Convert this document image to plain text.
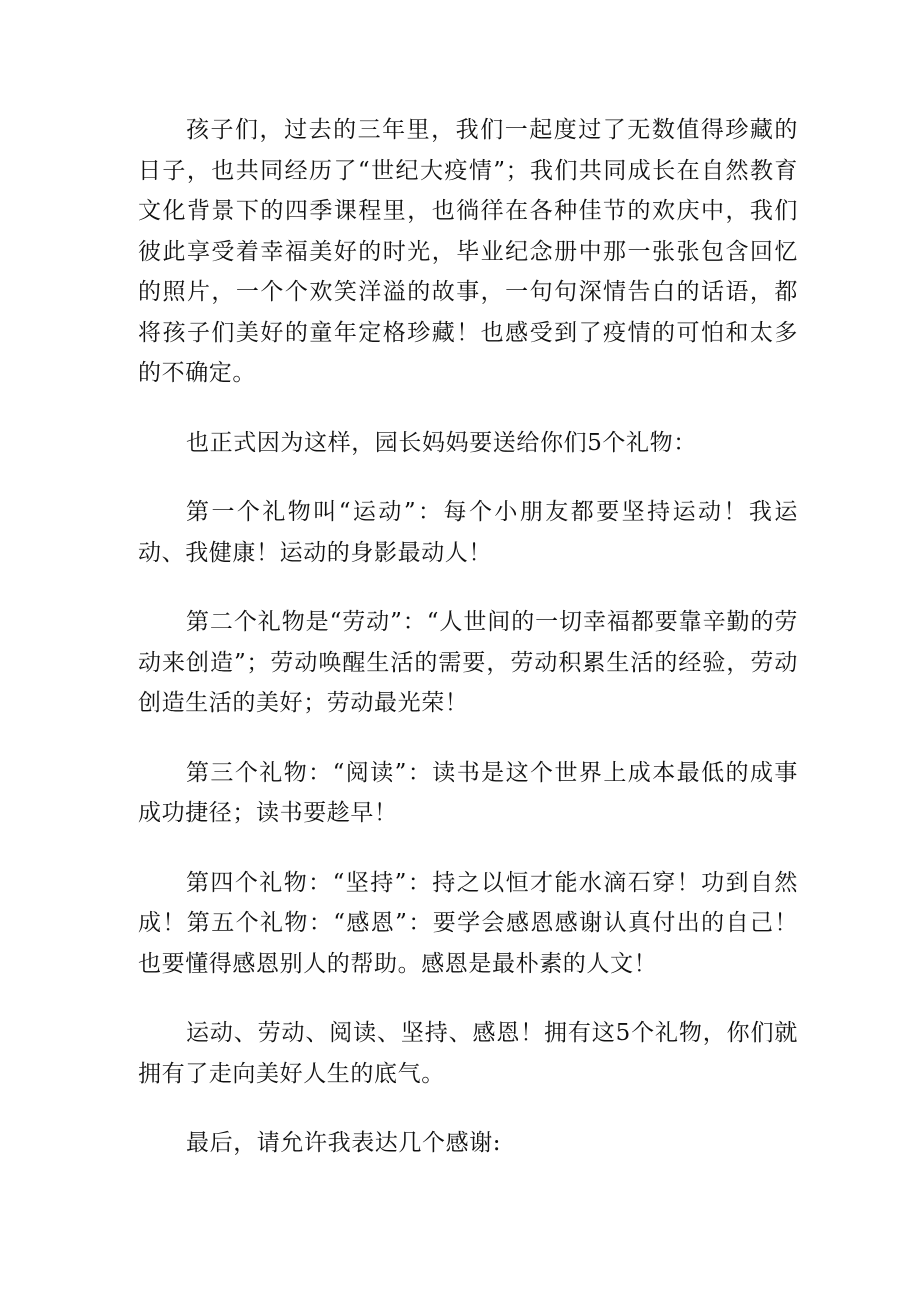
孩子们，过去的三年里，我们一起度过了无数值得珍藏的日子，也共同经历了“世纪大疫情”；我们共同成长在自然教育文化背景下的四季课程里，也徜徉在各种佳节的欢庆中，我们彼此享受着幸福美好的时光，毕业纪念册中那一张张包含回忆的照片，一个个欢笑洋溢的故事，一句句深情告白的话语，都将孩子们美好的童年定格珍藏！也感受到了疫情的可怕和太多的不确定。

也正式因为这样，园长妈妈要送给你们5个礼物：

第一个礼物叫“运动”：每个小朋友都要坚持运动！我运动、我健康！运动的身影最动人！

第二个礼物是“劳动”：“人世间的一切幸福都要靠辛勤的劳动来创造”；劳动唤醒生活的需要，劳动积累生活的经验，劳动创造生活的美好；劳动最光荣！

第三个礼物：“阅读”：读书是这个世界上成本最低的成事成功捷径；读书要趁早！

第四个礼物：“坚持”：持之以恒才能水滴石穿！功到自然成！第五个礼物：“感恩”：要学会感恩感谢认真付出的自己！也要懂得感恩别人的帮助。感恩是最朴素的人文！

运动、劳动、阅读、坚持、感恩！拥有这5个礼物，你们就拥有了走向美好人生的底气。

最后，请允许我表达几个感谢:
